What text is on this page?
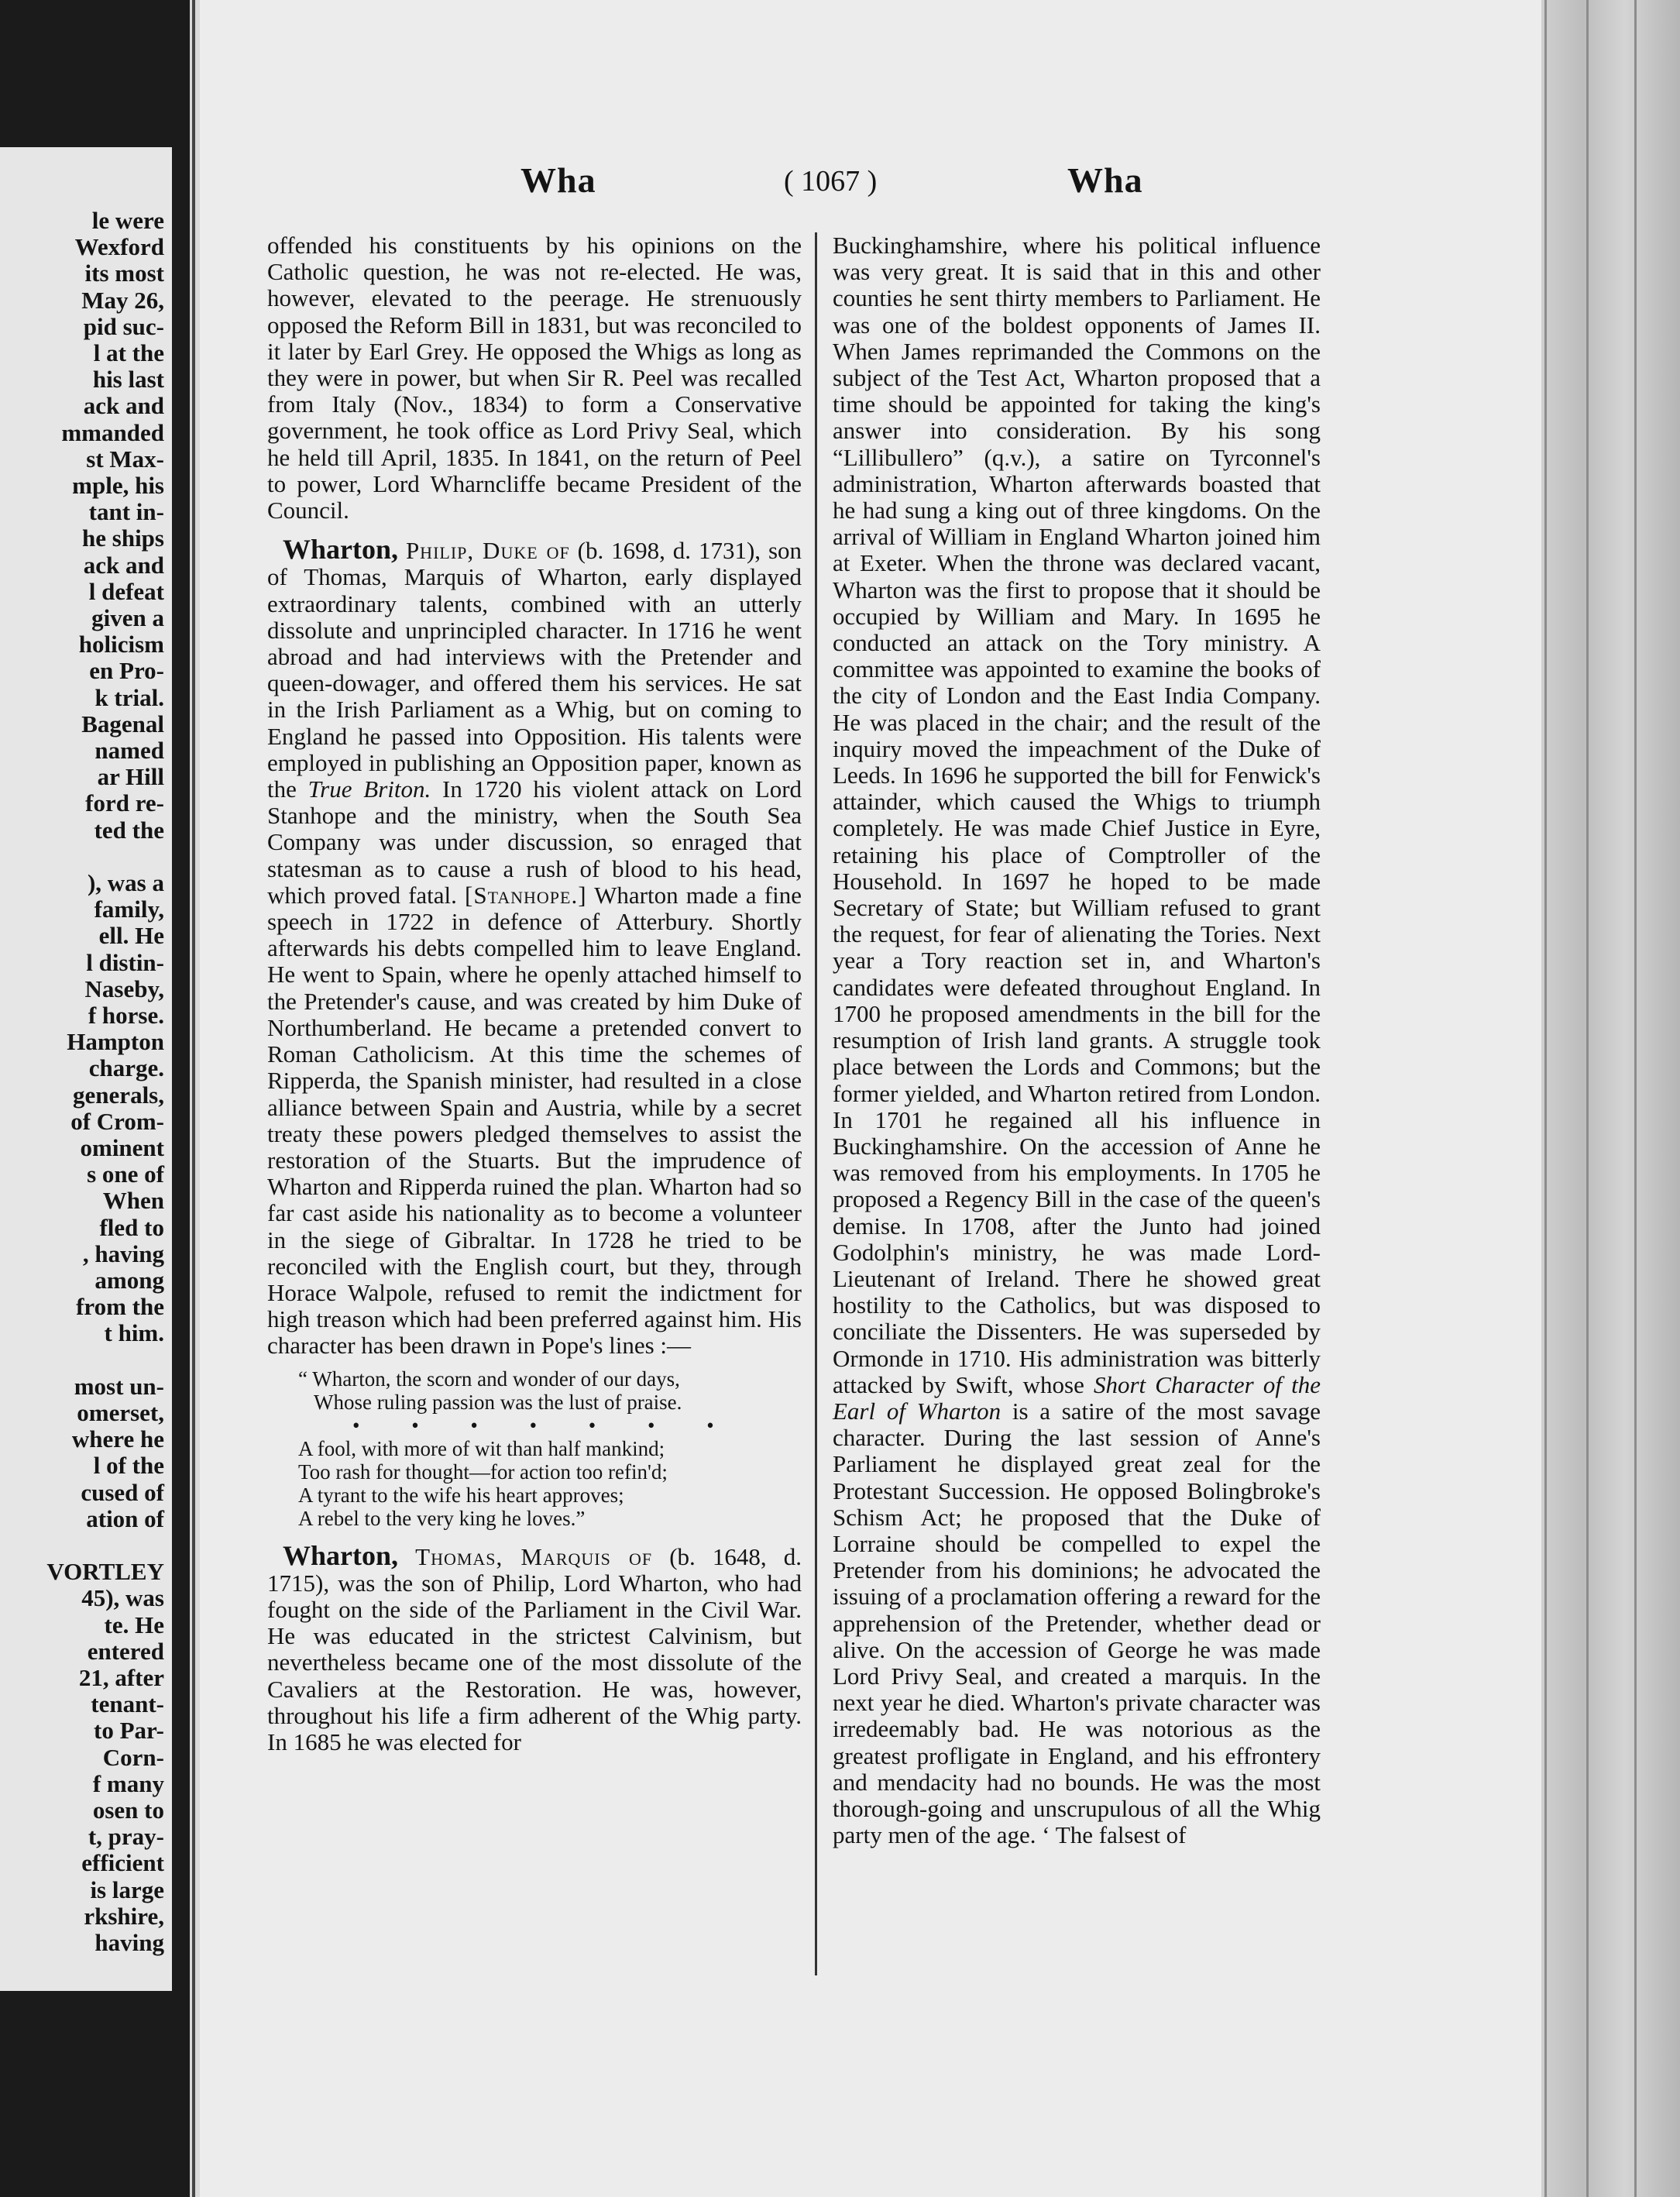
le were
Wexford
its most
May 26,
pid suc-
l at the
his last
ack and
mmanded
st Max-
mple, his
tant in-
he ships
ack and
l defeat
given a
holicism
en Pro-
k trial.
Bagenal
named
ar Hill
ford re-
ted the
), was a
family,
ell. He
l distin-
Naseby,
f horse.
Hampton
charge.
generals,
of Crom-
ominent
s one of
When
fled to
, having
among
from the
t him.
most un-
omerset,
where he
l of the
cused of
ation of
VORTLEY
45), was
te. He
entered
21, after
tenant-
to Par-
Corn-
f many
osen to
t, pray-
efficient
is large
rkshire,
having
Wha	( 1067 )	Wha

offended his constituents by his opinions on the Catholic question, he was not re-elected. He was, however, elevated to the peerage. He strenuously opposed the Reform Bill in 1831, but was reconciled to it later by Earl Grey. He opposed the Whigs as long as they were in power, but when Sir R. Peel was recalled from Italy (Nov., 1834) to form a Conservative government, he took office as Lord Privy Seal, which he held till April, 1835. In 1841, on the return of Peel to power, Lord Wharncliffe became President of the Council.

Wharton, Philip, Duke of (b. 1698, d. 1731), son of Thomas, Marquis of Wharton, early displayed extraordinary talents, combined with an utterly dissolute and unprincipled character. In 1716 he went abroad and had interviews with the Pretender and queen-dowager, and offered them his services. He sat in the Irish Parliament as a Whig, but on coming to England he passed into Opposition. His talents were employed in publishing an Opposition paper, known as the True Briton. In 1720 his violent attack on Lord Stanhope and the ministry, when the South Sea Company was under discussion, so enraged that statesman as to cause a rush of blood to his head, which proved fatal. [Stanhope.] Wharton made a fine speech in 1722 in defence of Atterbury. Shortly afterwards his debts compelled him to leave England. He went to Spain, where he openly attached himself to the Pretender's cause, and was created by him Duke of Northumberland. He became a pretended convert to Roman Catholicism. At this time the schemes of Ripperda, the Spanish minister, had resulted in a close alliance between Spain and Austria, while by a secret treaty these powers pledged themselves to assist the restoration of the Stuarts. But the imprudence of Wharton and Ripperda ruined the plan. Wharton had so far cast aside his nationality as to become a volunteer in the siege of Gibraltar. In 1728 he tried to be reconciled with the English court, but they, through Horace Walpole, refused to remit the indictment for high treason which had been preferred against him. His character has been drawn in Pope's lines :—

“ Wharton, the scorn and wonder of our days,
Whose ruling passion was the lust of praise.
• • • • • • •
A fool, with more of wit than half mankind;
Too rash for thought—for action too refin'd;
A tyrant to the wife his heart approves;
A rebel to the very king he loves.”

Wharton, Thomas, Marquis of (b. 1648, d. 1715), was the son of Philip, Lord Wharton, who had fought on the side of the Parliament in the Civil War. He was educated in the strictest Calvinism, but nevertheless became one of the most dissolute of the Cavaliers at the Restoration. He was, however, throughout his life a firm adherent of the Whig party. In 1685 he was elected for

Buckinghamshire, where his political influence was very great. It is said that in this and other counties he sent thirty members to Parliament. He was one of the boldest opponents of James II. When James reprimanded the Commons on the subject of the Test Act, Wharton proposed that a time should be appointed for taking the king's answer into consideration. By his song “Lillibullero” (q.v.), a satire on Tyrconnel's administration, Wharton afterwards boasted that he had sung a king out of three kingdoms. On the arrival of William in England Wharton joined him at Exeter. When the throne was declared vacant, Wharton was the first to propose that it should be occupied by William and Mary. In 1695 he conducted an attack on the Tory ministry. A committee was appointed to examine the books of the city of London and the East India Company. He was placed in the chair; and the result of the inquiry moved the impeachment of the Duke of Leeds. In 1696 he supported the bill for Fenwick's attainder, which caused the Whigs to triumph completely. He was made Chief Justice in Eyre, retaining his place of Comptroller of the Household. In 1697 he hoped to be made Secretary of State; but William refused to grant the request, for fear of alienating the Tories. Next year a Tory reaction set in, and Wharton's candidates were defeated throughout England. In 1700 he proposed amendments in the bill for the resumption of Irish land grants. A struggle took place between the Lords and Commons; but the former yielded, and Wharton retired from London. In 1701 he regained all his influence in Buckinghamshire. On the accession of Anne he was removed from his employments. In 1705 he proposed a Regency Bill in the case of the queen's demise. In 1708, after the Junto had joined Godolphin's ministry, he was made Lord-Lieutenant of Ireland. There he showed great hostility to the Catholics, but was disposed to conciliate the Dissenters. He was superseded by Ormonde in 1710. His administration was bitterly attacked by Swift, whose Short Character of the Earl of Wharton is a satire of the most savage character. During the last session of Anne's Parliament he displayed great zeal for the Protestant Succession. He opposed Bolingbroke's Schism Act; he proposed that the Duke of Lorraine should be compelled to expel the Pretender from his dominions; he advocated the issuing of a proclamation offering a reward for the apprehension of the Pretender, whether dead or alive. On the accession of George he was made Lord Privy Seal, and created a marquis. In the next year he died. Wharton's private character was irredeemably bad. He was notorious as the greatest profligate in England, and his effrontery and mendacity had no bounds. He was the most thorough-going and unscrupulous of all the Whig party men of the age. ‘ The falsest of
